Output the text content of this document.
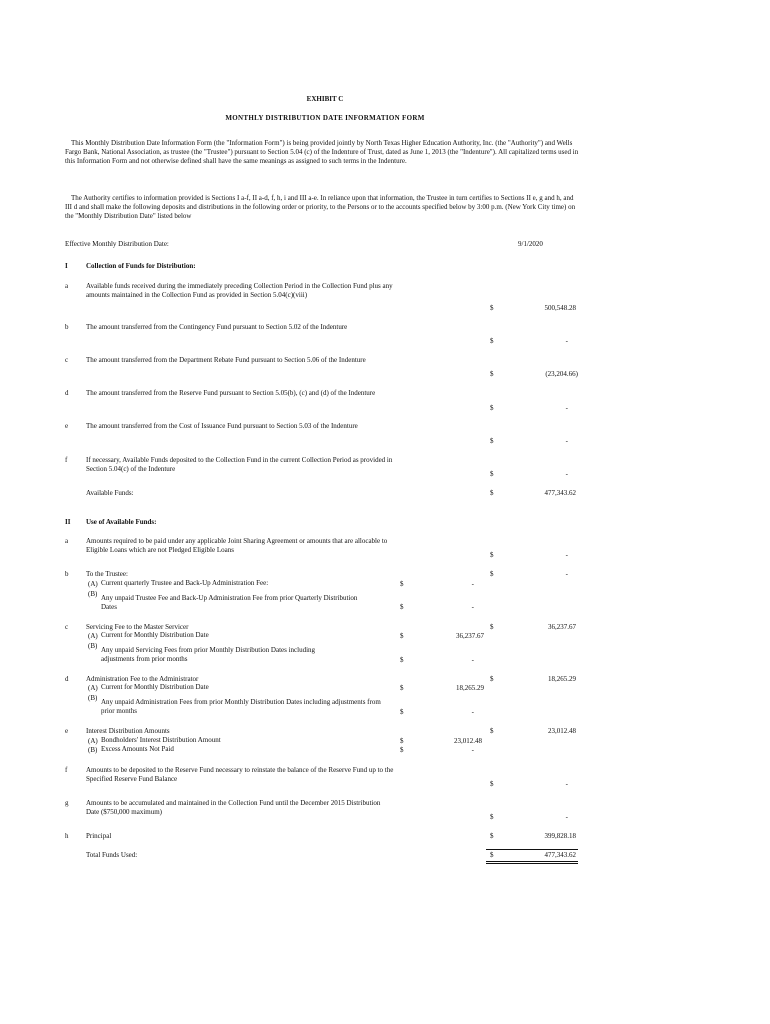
EXHIBIT C
MONTHLY DISTRIBUTION DATE INFORMATION FORM
This Monthly Distribution Date Information Form (the "Information Form") is being provided jointly by North Texas Higher Education Authority, Inc. (the "Authority") and Wells Fargo Bank, National Association, as trustee (the "Trustee") pursuant to Section 5.04 (c) of the Indenture of Trust, dated as June 1, 2013 (the "Indenture"). All capitalized terms used in this Information Form and not otherwise defined shall have the same meanings as assigned to such terms in the Indenture.
The Authority certifies to information provided is Sections I a-f, II a-d, f, h, i and III a-e. In reliance upon that information, the Trustee in turn certifies to Sections II e, g and h, and III d and shall make the following deposits and distributions in the following order or priority, to the Persons or to the accounts specified below by 3:00 p.m. (New York City time) on the "Monthly Distribution Date" listed below
Effective Monthly Distribution Date:	9/1/2020
I	Collection of Funds for Distribution:
a	Available funds received during the immediately preceding Collection Period in the Collection Fund plus any amounts maintained in the Collection Fund as provided in Section 5.04(c)(viii)
$	500,548.28
b	The amount transferred from the Contingency Fund pursuant to Section 5.02 of the Indenture
$	-
c	The amount transferred from the Department Rebate Fund pursuant to Section 5.06 of the Indenture
$	(23,204.66)
d	The amount transferred from the Reserve Fund pursuant to Section 5.05(b), (c) and (d) of the Indenture
$	-
e	The amount transferred from the Cost of Issuance Fund pursuant to Section 5.03 of the Indenture
$	-
f	If necessary, Available Funds deposited to the Collection Fund in the current Collection Period as provided in Section 5.04(c) of the Indenture
$	-
Available Funds:	$	477,343.62
II Use of Available Funds:
a	Amounts required to be paid under any applicable Joint Sharing Agreement or amounts that are allocable to Eligible Loans which are not Pledged Eligible Loans
$	-
b	To the Trustee:	$	-
(A) Current quarterly Trustee and Back-Up Administration Fee:	$	-
(B) Any unpaid Trustee Fee and Back-Up Administration Fee from prior Quarterly Distribution Dates	$	-
c	Servicing Fee to the Master Servicer	$	36,237.67
(A) Current for Monthly Distribution Date	$	36,237.67
(B) Any unpaid Servicing Fees from prior Monthly Distribution Dates including adjustments from prior months	$	-
d	Administration Fee to the Administrator	$	18,265.29
(A) Current for Monthly Distribution Date	$	18,265.29
(B) Any unpaid Administration Fees from prior Monthly Distribution Dates including adjustments from prior months	$	-
e	Interest Distribution Amounts	$	23,012.48
(A) Bondholders' Interest Distribution Amount	$	23,012.48
(B) Excess Amounts Not Paid	$	-
f	Amounts to be deposited to the Reserve Fund necessary to reinstate the balance of the Reserve Fund up to the Specified Reserve Fund Balance
$	-
g	Amounts to be accumulated and maintained in the Collection Fund until the December 2015 Distribution Date ($750,000 maximum)
$	-
h	Principal	$	399,828.18
Total Funds Used:	$	477,343.62
